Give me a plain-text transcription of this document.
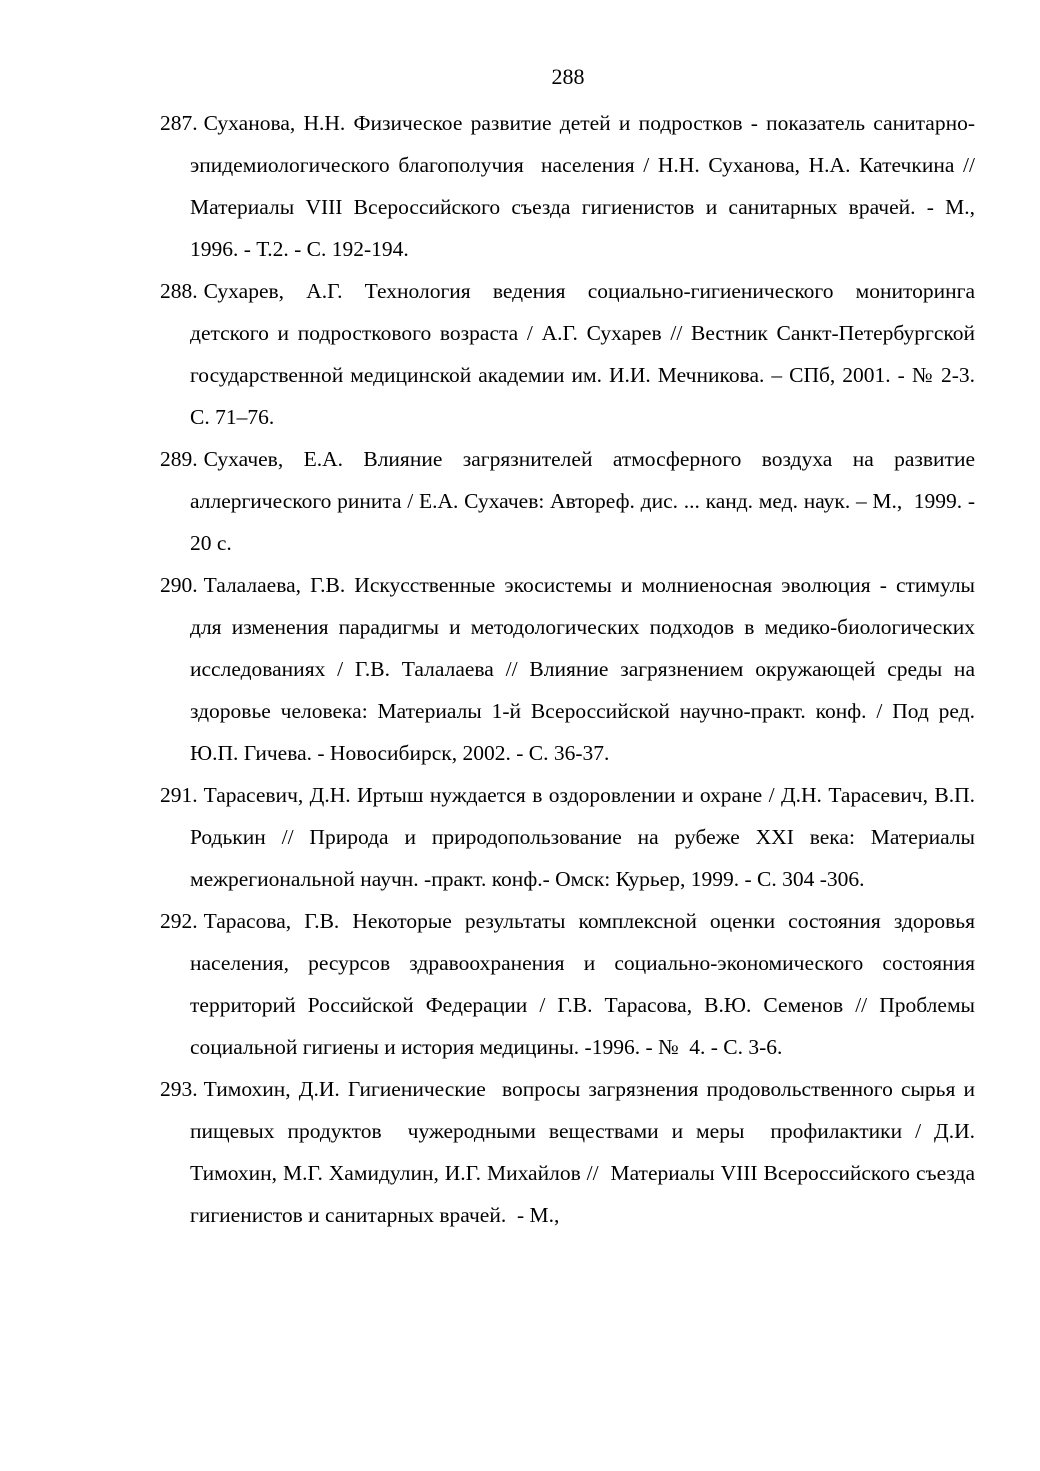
288
287. Суханова, Н.Н. Физическое развитие детей и подростков - показатель санитарно-эпидемиологического благополучия  населения / Н.Н. Суханова, Н.А. Катечкина // Материалы VIII Всероссийского съезда гигиенистов и санитарных врачей. - М., 1996. - Т.2. - С. 192-194.
288. Сухарев, А.Г. Технология ведения социально-гигиенического мониторинга детского и подросткового возраста / А.Г. Сухарев // Вестник Санкт-Петербургской государственной медицинской академии им. И.И. Мечникова. – СПб, 2001. - № 2-3. С. 71–76.
289. Сухачев, Е.А. Влияние загрязнителей атмосферного воздуха на развитие аллергического ринита / Е.А. Сухачев: Автореф. дис. ... канд. мед. наук. – М.,  1999. - 20 с.
290. Талалаева, Г.В. Искусственные экосистемы и молниеносная эволюция - стимулы для изменения парадигмы и методологических подходов в медико-биологических исследованиях / Г.В. Талалаева // Влияние загрязнением окружающей среды на здоровье человека: Материалы 1-й Всероссийской научно-практ. конф. / Под ред. Ю.П. Гичева. - Новосибирск, 2002. - С. 36-37.
291. Тарасевич, Д.Н. Иртыш нуждается в оздоровлении и охране / Д.Н. Тарасевич, В.П. Родькин // Природа и природопользование на рубеже XXI века: Материалы межрегиональной научн. -практ. конф.- Омск: Курьер, 1999. - С. 304 -306.
292. Тарасова, Г.В. Некоторые результаты комплексной оценки состояния здоровья населения, ресурсов здравоохранения и социально-экономического состояния территорий Российской Федерации / Г.В. Тарасова, В.Ю. Семенов // Проблемы социальной гигиены и история медицины. -1996. - №  4. - С. 3-6.
293. Тимохин, Д.И. Гигиенические  вопросы загрязнения продовольственного сырья и пищевых продуктов  чужеродными веществами и меры  профилактики / Д.И. Тимохин, М.Г. Хамидулин, И.Г. Михайлов //  Материалы VIII Всероссийского съезда гигиенистов и санитарных врачей.  - М.,
